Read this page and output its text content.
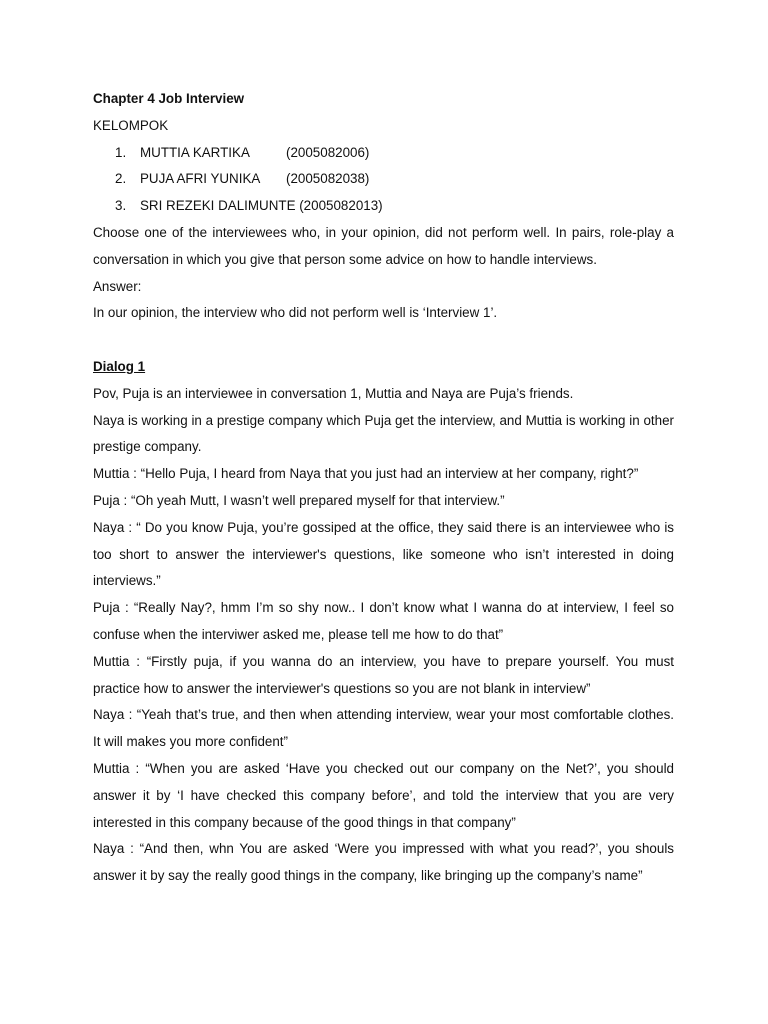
Chapter 4 Job Interview
KELOMPOK
1. MUTTIA KARTIKA	(2005082006)
2. PUJA AFRI YUNIKA (2005082038)
3. SRI REZEKI DALIMUNTE (2005082013)
Choose one of the interviewees who, in your opinion, did not perform well. In pairs, role-play a conversation in which you give that person some advice on how to handle interviews.
Answer:
In our opinion, the interview who did not perform well is ‘Interview 1’.
Dialog 1
Pov, Puja is an interviewee in conversation 1, Muttia and Naya are Puja’s friends.
Naya is working in a prestige company which Puja get the interview, and Muttia is working in other prestige company.
Muttia : “Hello Puja, I heard from Naya that you just had an interview at her company, right?”
Puja : “Oh yeah Mutt, I wasn’t well prepared myself for that interview.”
Naya : “ Do you know Puja, you’re gossiped at the office, they said there is an interviewee who is too short to answer the interviewer's questions, like someone who isn’t interested in doing interviews.”
Puja : “Really Nay?, hmm I’m so shy now.. I don’t know what I wanna do at interview, I feel so confuse when the interviwer asked me, please tell me how to do that”
Muttia : “Firstly puja, if you wanna do an interview, you have to prepare yourself. You must practice how to answer the interviewer's questions so you are not blank in interview”
Naya : “Yeah that’s true, and then when attending interview, wear your most comfortable clothes. It will makes you more confident”
Muttia : “When you are asked ‘Have you checked out our company on the Net?’, you should answer it by ‘I have checked this company before’, and told the interview that you are very interested in this company because of the good things in that company”
Naya : “And then, whn You are asked ‘Were you impressed with what you read?’, you shouls answer it by say the really good things in the company, like bringing up the company’s name”
